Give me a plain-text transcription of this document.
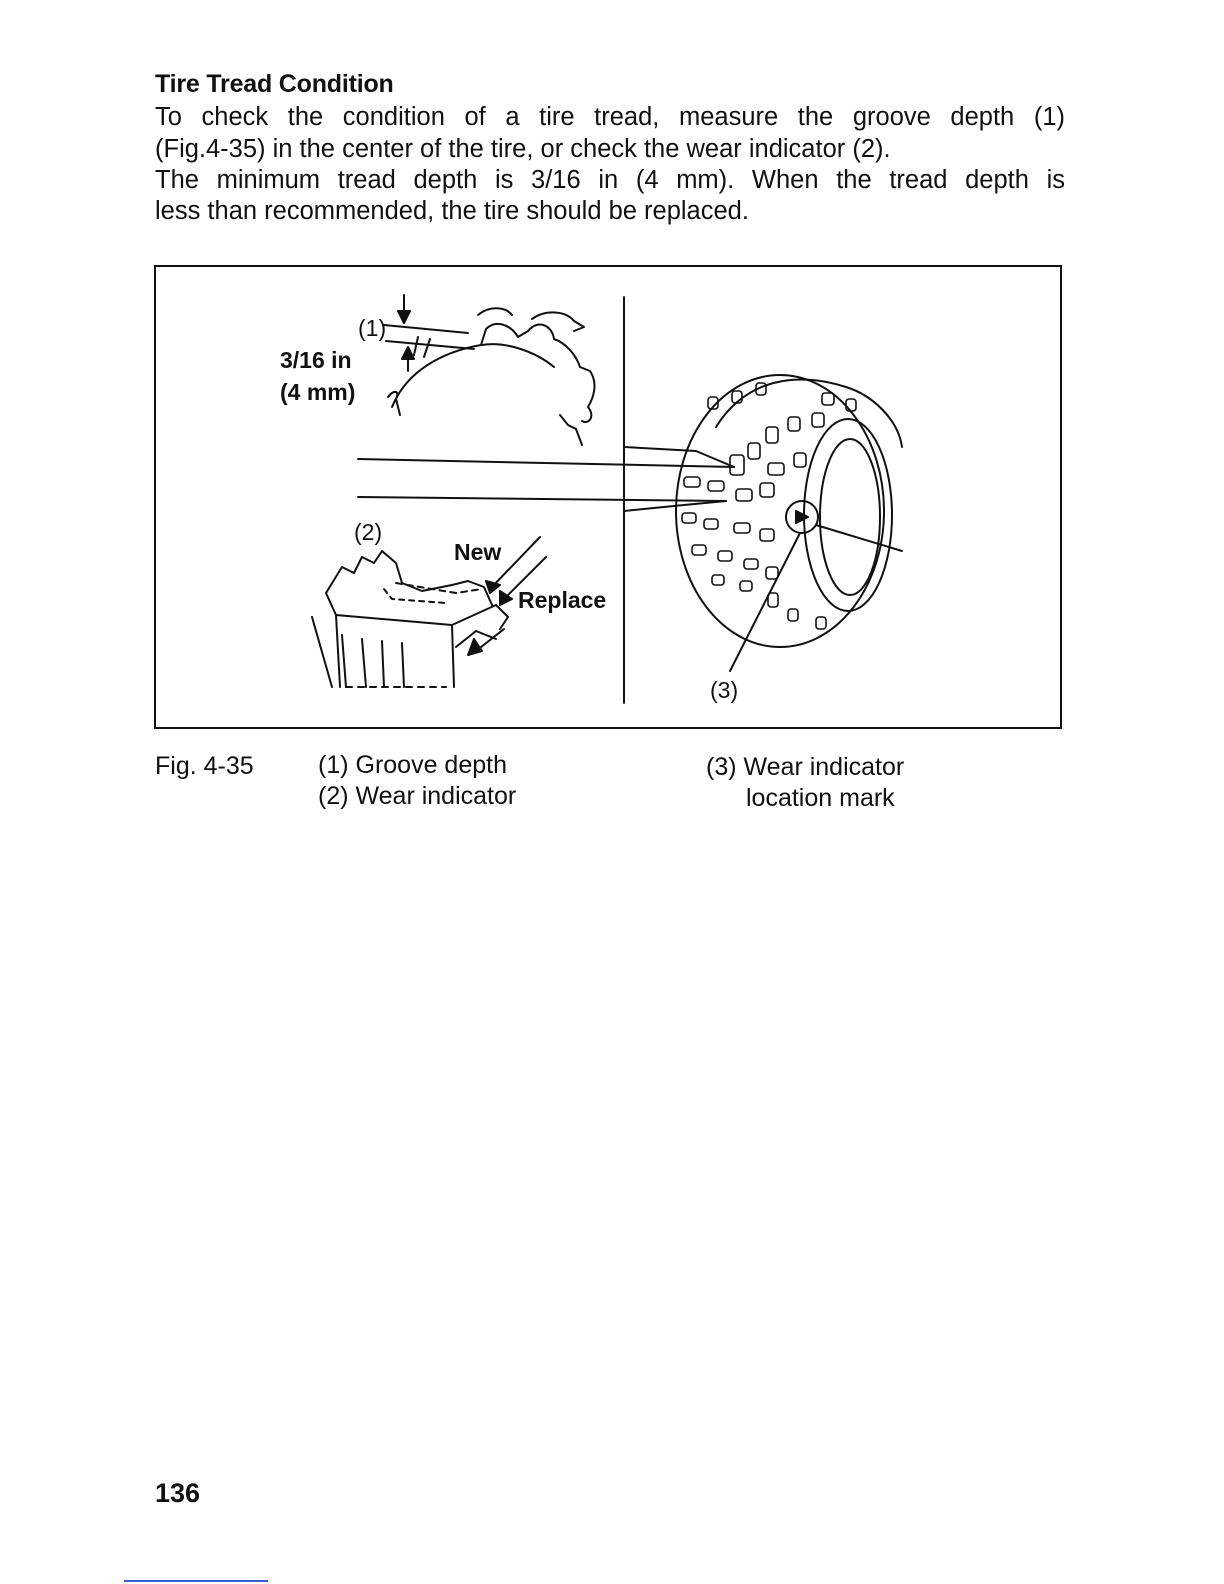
Tire Tread Condition
To check the condition of a tire tread, measure the groove depth (1)
(Fig.4-35) in the center of the tire, or check the wear indicator (2).
The minimum tread depth is 3/16 in (4 mm). When the tread depth is
less than recommended, the tire should be replaced.
(1)
3/16 in
(4 mm)
(2)
New
Replace
(3)
Fig. 4-35	(1) Groove depth
(2) Wear indicator
(3) Wear indicator
location mark
136
